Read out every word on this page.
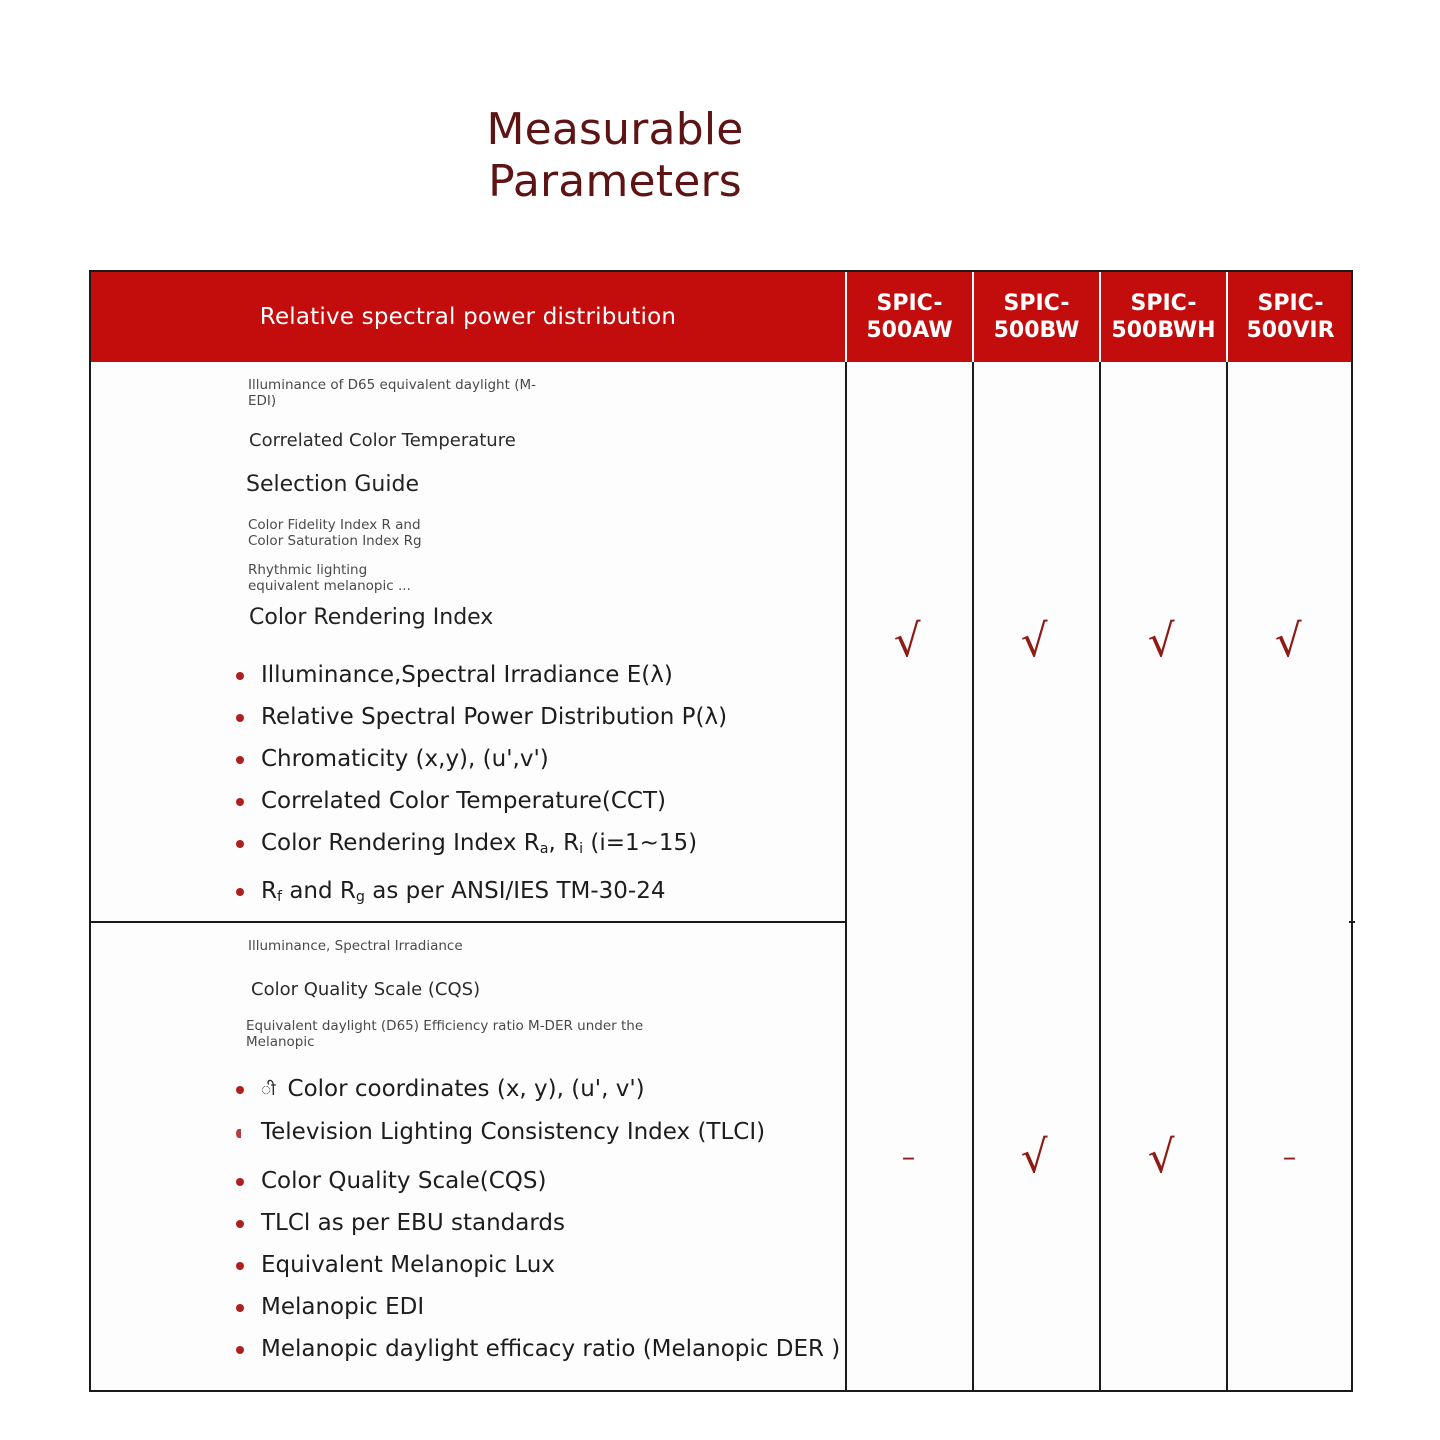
Measurable
Parameters
Relative spectral power distribution
SPIC-
500AW
SPIC-
500BW
SPIC-
500BWH
SPIC-
500VIR
Illuminance of D65 equivalent daylight (M-
EDI)
Correlated Color Temperature
Selection Guide
Color Fidelity Index R and
Color Saturation Index Rg
Rhythmic lighting
equivalent melanopic ...
Color Rendering Index
Illuminance,Spectral Irradiance E(λ)
Relative Spectral Power Distribution P(λ)
Chromaticity (x,y), (u',v')
Correlated Color Temperature(CCT)
Color Rendering Index $R_a$, $R_i$ (i=1~15)
$R_f$ and $R_g$ as per ANSI/IES TM-30-24
√ √ √ √
Illuminance, Spectral Irradiance
Color Quality Scale (CQS)
Equivalent daylight (D65) Efficiency ratio M-DER under the
Melanopic
ी Color coordinates (x, y), (u', v')
Television Lighting Consistency Index (TLCI)
Color Quality Scale(CQS)
TLCl as per EBU standards
Equivalent Melanopic Lux
Melanopic EDI
Melanopic daylight efficacy ratio (Melanopic DER )
– √ √	–
